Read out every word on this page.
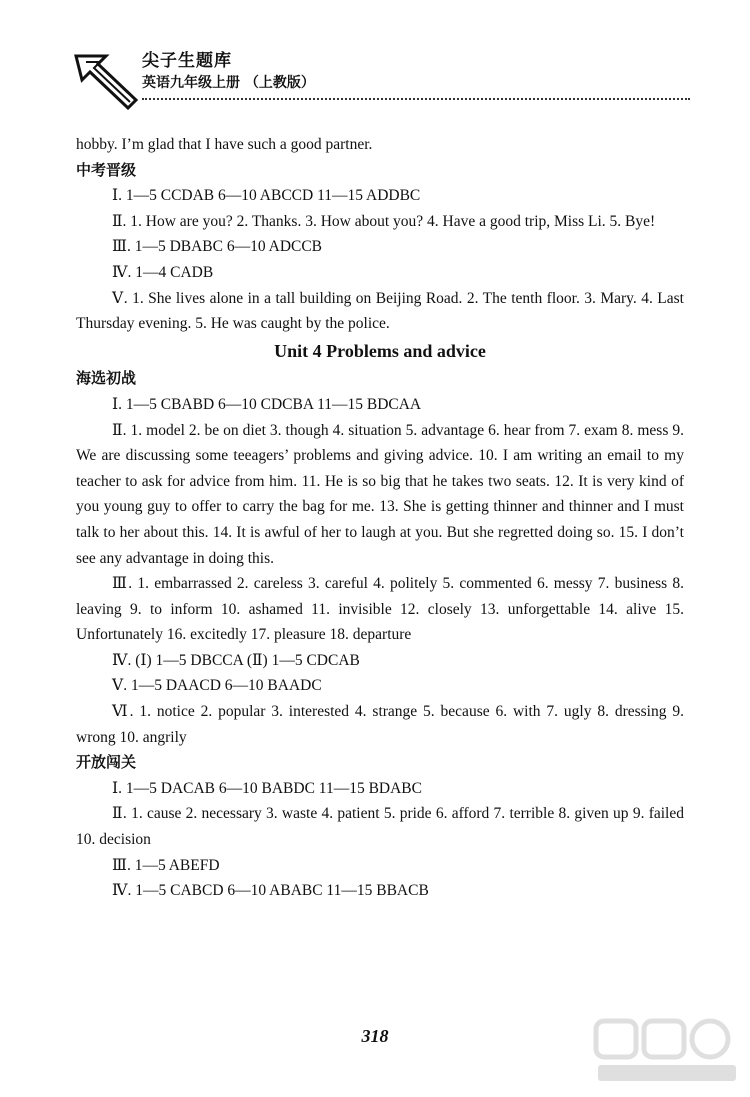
尖子生题库
英语九年级上册 （上教版）

hobby. I’m glad that I have such a good partner.

中考晋级

Ⅰ. 1—5 CCDAB 6—10 ABCCD 11—15 ADDBC

Ⅱ. 1. How are you? 2. Thanks. 3. How about you? 4. Have a good trip, Miss Li. 5. Bye!

Ⅲ. 1—5 DBABC 6—10 ADCCB

Ⅳ. 1—4 CADB

Ⅴ. 1. She lives alone in a tall building on Beijing Road. 2. The tenth floor. 3. Mary. 4. Last Thursday evening. 5. He was caught by the police.

Unit 4 Problems and advice

海选初战

Ⅰ. 1—5 CBABD 6—10 CDCBA 11—15 BDCAA

Ⅱ. 1. model 2. be on diet 3. though 4. situation 5. advantage 6. hear from 7. exam 8. mess 9. We are discussing some teeagers’ problems and giving advice. 10. I am writing an email to my teacher to ask for advice from him. 11. He is so big that he takes two seats. 12. It is very kind of you young guy to offer to carry the bag for me. 13. She is getting thinner and thinner and I must talk to her about this. 14. It is awful of her to laugh at you. But she regretted doing so. 15. I don’t see any advantage in doing this.

Ⅲ. 1. embarrassed 2. careless 3. careful 4. politely 5. commented 6. messy 7. business 8. leaving 9. to inform 10. ashamed 11. invisible 12. closely 13. unforgettable 14. alive 15. Unfortunately 16. excitedly 17. pleasure 18. departure

Ⅳ. (Ⅰ) 1—5 DBCCA (Ⅱ) 1—5 CDCAB

Ⅴ. 1—5 DAACD 6—10 BAADC

Ⅵ. 1. notice 2. popular 3. interested 4. strange 5. because 6. with 7. ugly 8. dressing 9. wrong 10. angrily

开放闯关

Ⅰ. 1—5 DACAB 6—10 BABDC 11—15 BDABC

Ⅱ. 1. cause 2. necessary 3. waste 4. patient 5. pride 6. afford 7. terrible 8. given up 9. failed 10. decision

Ⅲ. 1—5 ABEFD

Ⅳ. 1—5 CABCD 6—10 ABABC 11—15 BBACB

318
